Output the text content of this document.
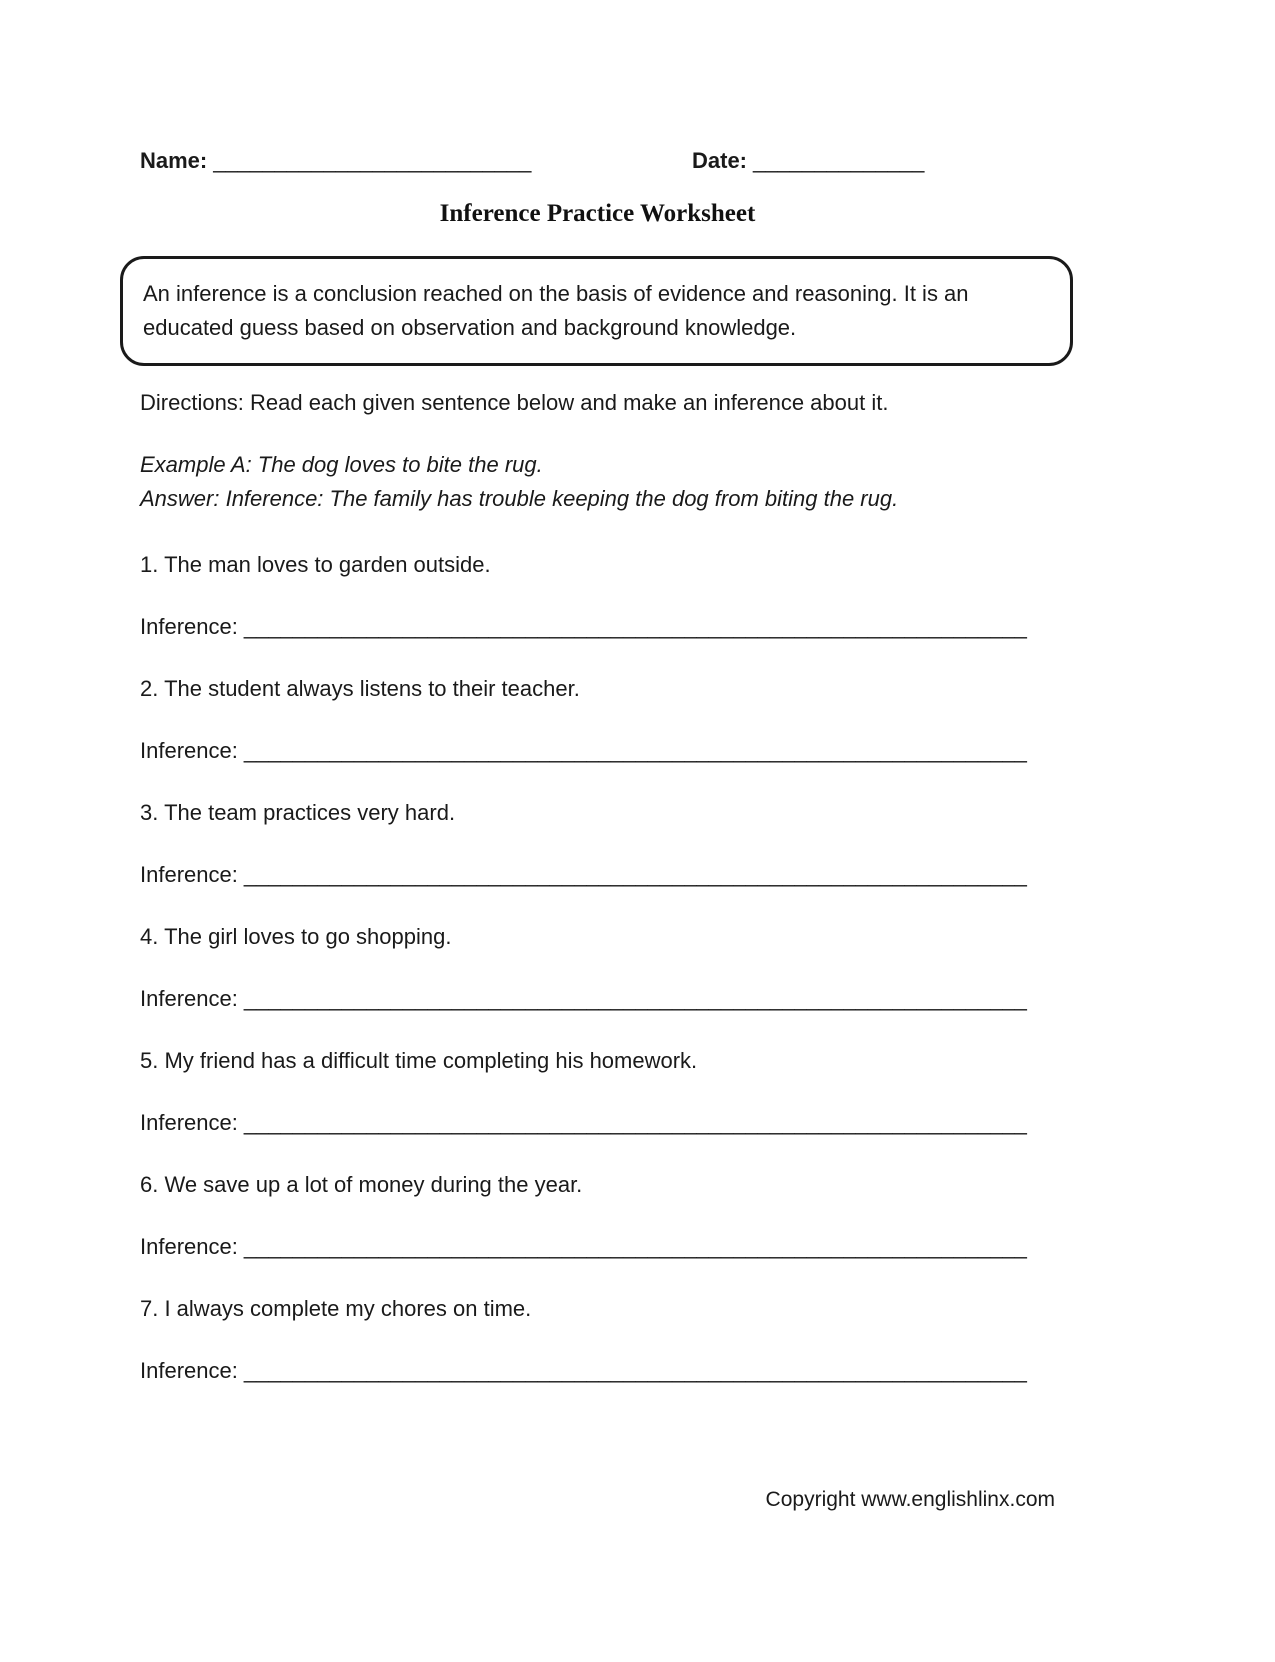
Name: __________________________	Date: ______________
Inference Practice Worksheet
An inference is a conclusion reached on the basis of evidence and reasoning. It is an educated guess based on observation and background knowledge.

Directions: Read each given sentence below and make an inference about it.

Example A: The dog loves to bite the rug.

Answer: Inference: The family has trouble keeping the dog from biting the rug.

1. The man loves to garden outside.

Inference: ________________________________________________________________

2. The student always listens to their teacher.

Inference: ________________________________________________________________

3. The team practices very hard.

Inference: ________________________________________________________________

4. The girl loves to go shopping.

Inference: ________________________________________________________________

5. My friend has a difficult time completing his homework.

Inference: ________________________________________________________________

6. We save up a lot of money during the year.

Inference: ________________________________________________________________

7. I always complete my chores on time.

Inference: ________________________________________________________________

Copyright www.englishlinx.com
